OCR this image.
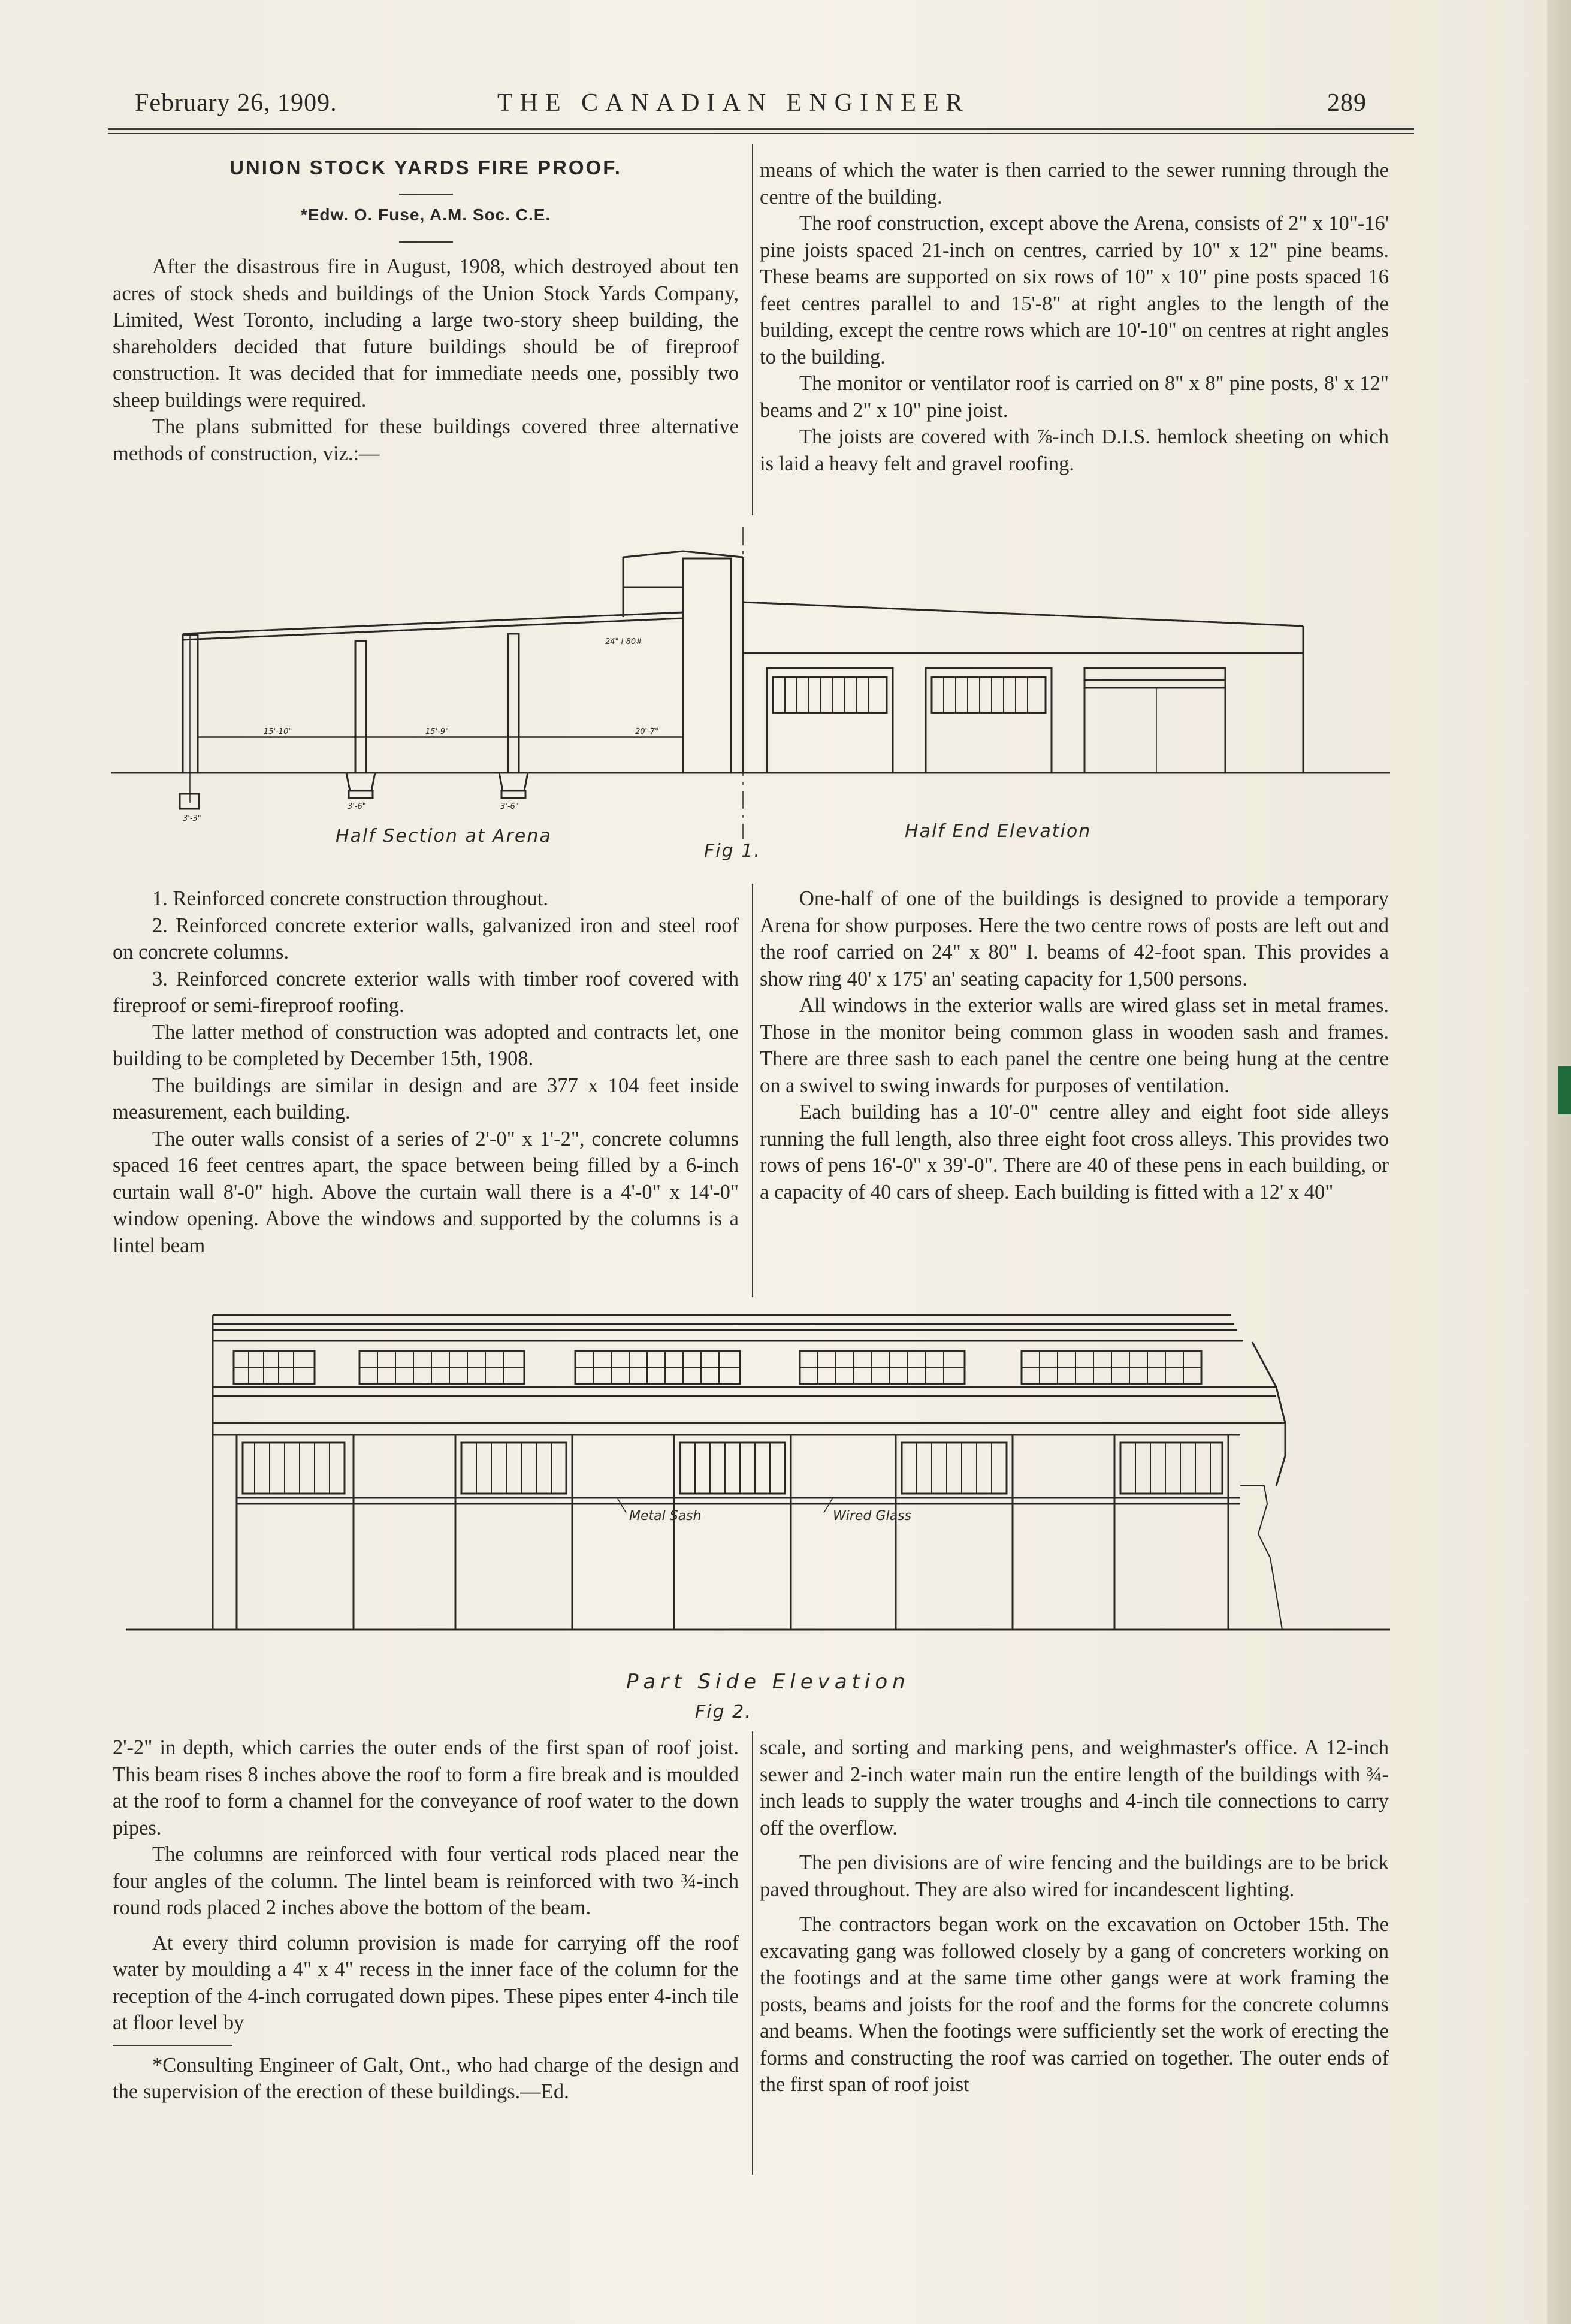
February 26, 1909.	THE CANADIAN ENGINEER	289
UNION STOCK YARDS FIRE PROOF.
*Edw. O. Fuse, A.M. Soc. C.E.

After the disastrous fire in August, 1908, which destroyed about ten acres of stock sheds and buildings of the Union Stock Yards Company, Limited, West Toronto, including a large two-story sheep building, the shareholders decided that future buildings should be of fireproof construction. It was decided that for immediate needs one, possibly two sheep buildings were required.

The plans submitted for these buildings covered three alternative methods of construction, viz.:—

means of which the water is then carried to the sewer running through the centre of the building.

The roof construction, except above the Arena, consists of 2" x 10"-16' pine joists spaced 21-inch on centres, carried by 10" x 12" pine beams. These beams are supported on six rows of 10" x 10" pine posts spaced 16 feet centres parallel to and 15'-8" at right angles to the length of the building, except the centre rows which are 10'-10" on centres at right angles to the building.

The monitor or ventilator roof is carried on 8" x 8" pine posts, 8' x 12" beams and 2" x 10" pine joist.

The joists are covered with ⅞-inch D.I.S. hemlock sheeting on which is laid a heavy felt and gravel roofing.

15'-10"	15'-9"	20'-7"
24" I 80#
3'-3"
3'-6"	3'-6"
Half Section at Arena	Half End Elevation
Fig 1.

1. Reinforced concrete construction throughout.

2. Reinforced concrete exterior walls, galvanized iron and steel roof on concrete columns.

3. Reinforced concrete exterior walls with timber roof covered with fireproof or semi-fireproof roofing.

The latter method of construction was adopted and contracts let, one building to be completed by December 15th, 1908.

The buildings are similar in design and are 377 x 104 feet inside measurement, each building.

The outer walls consist of a series of 2'-0" x 1'-2", concrete columns spaced 16 feet centres apart, the space between being filled by a 6-inch curtain wall 8'-0" high. Above the curtain wall there is a 4'-0" x 14'-0" window opening. Above the windows and supported by the columns is a lintel beam

One-half of one of the buildings is designed to provide a temporary Arena for show purposes. Here the two centre rows of posts are left out and the roof carried on 24" x 80" I. beams of 42-foot span. This provides a show ring 40' x 175' an' seating capacity for 1,500 persons.

All windows in the exterior walls are wired glass set in metal frames. Those in the monitor being common glass in wooden sash and frames. There are three sash to each panel the centre one being hung at the centre on a swivel to swing inwards for purposes of ventilation.

Each building has a 10'-0" centre alley and eight foot side alleys running the full length, also three eight foot cross alleys. This provides two rows of pens 16'-0" x 39'-0". There are 40 of these pens in each building, or a capacity of 40 cars of sheep. Each building is fitted with a 12' x 40"

Metal Sash	Wired Glass
Part Side Elevation
Fig 2.

2'-2" in depth, which carries the outer ends of the first span of roof joist. This beam rises 8 inches above the roof to form a fire break and is moulded at the roof to form a channel for the conveyance of roof water to the down pipes.

The columns are reinforced with four vertical rods placed near the four angles of the column. The lintel beam is reinforced with two ¾-inch round rods placed 2 inches above the bottom of the beam.

At every third column provision is made for carrying off the roof water by moulding a 4" x 4" recess in the inner face of the column for the reception of the 4-inch corrugated down pipes. These pipes enter 4-inch tile at floor level by

*Consulting Engineer of Galt, Ont., who had charge of the design and the supervision of the erection of these buildings.—Ed.

scale, and sorting and marking pens, and weighmaster's office. A 12-inch sewer and 2-inch water main run the entire length of the buildings with ¾-inch leads to supply the water troughs and 4-inch tile connections to carry off the overflow.

The pen divisions are of wire fencing and the buildings are to be brick paved throughout. They are also wired for incandescent lighting.

The contractors began work on the excavation on October 15th. The excavating gang was followed closely by a gang of concreters working on the footings and at the same time other gangs were at work framing the posts, beams and joists for the roof and the forms for the concrete columns and beams. When the footings were sufficiently set the work of erecting the forms and constructing the roof was carried on together. The outer ends of the first span of roof joist
